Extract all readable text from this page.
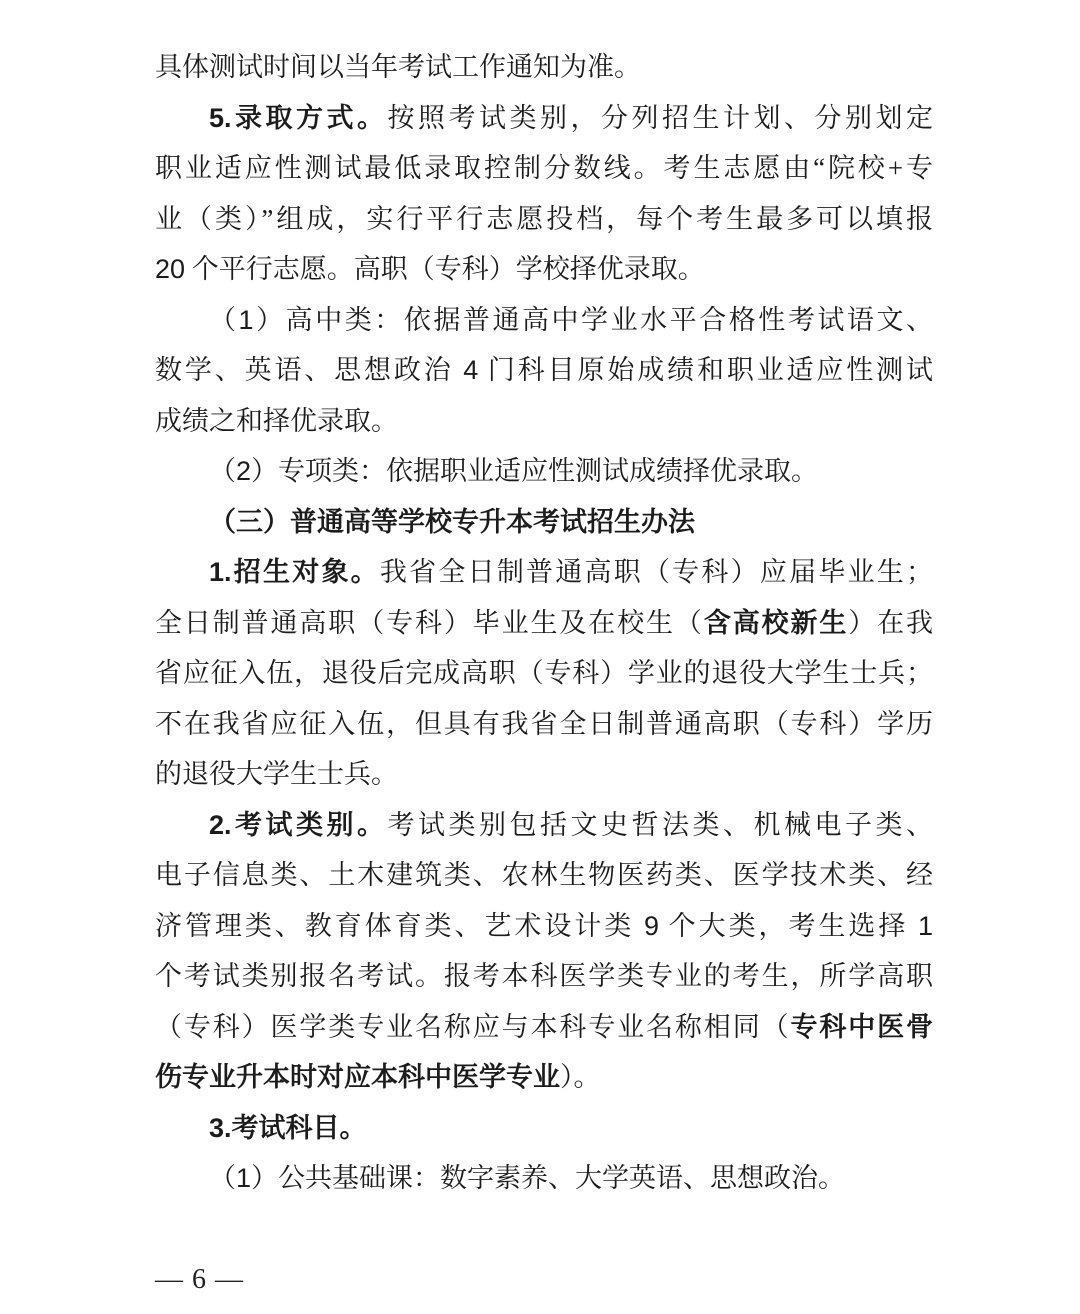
具体测试时间以当年考试工作通知为准。
5.录取方式。按照考试类别，分列招生计划、分别划定
职业适应性测试最低录取控制分数线。考生志愿由“院校+专
业（类）”组成，实行平行志愿投档，每个考生最多可以填报
20 个平行志愿。高职（专科）学校择优录取。
（1）高中类：依据普通高中学业水平合格性考试语文、
数学、英语、思想政治 4 门科目原始成绩和职业适应性测试
成绩之和择优录取。
（2）专项类：依据职业适应性测试成绩择优录取。
（三）普通高等学校专升本考试招生办法
1.招生对象。我省全日制普通高职（专科）应届毕业生；
全日制普通高职（专科）毕业生及在校生（含高校新生）在我
省应征入伍，退役后完成高职（专科）学业的退役大学生士兵；
不在我省应征入伍，但具有我省全日制普通高职（专科）学历
的退役大学生士兵。
2.考试类别。考试类别包括文史哲法类、机械电子类、
电子信息类、土木建筑类、农林生物医药类、医学技术类、经
济管理类、教育体育类、艺术设计类 9 个大类，考生选择 1
个考试类别报名考试。报考本科医学类专业的考生，所学高职
（专科）医学类专业名称应与本科专业名称相同（专科中医骨
伤专业升本时对应本科中医学专业）。
3.考试科目。
（1）公共基础课：数字素养、大学英语、思想政治。
— 6 —
